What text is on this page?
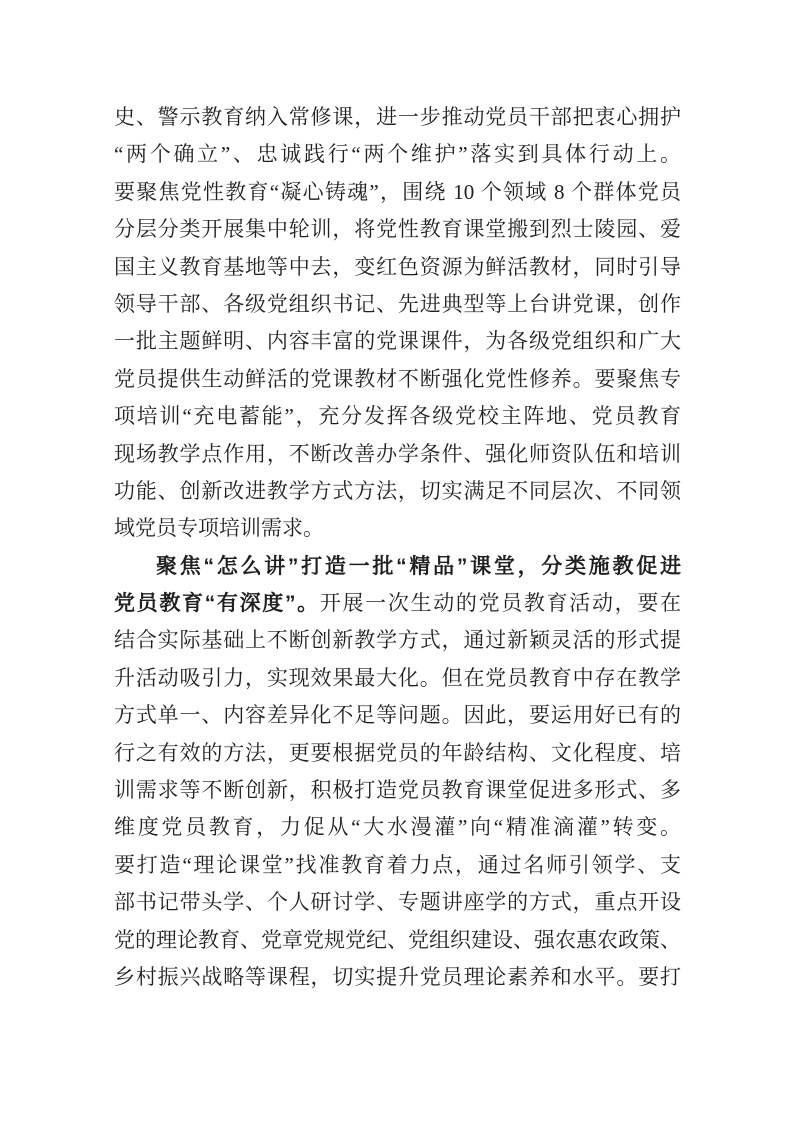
史、警示教育纳入常修课，进一步推动党员干部把衷心拥护
“两个确立”、忠诚践行“两个维护”落实到具体行动上。
要聚焦党性教育“凝心铸魂”，围绕 10 个领域 8 个群体党员
分层分类开展集中轮训，将党性教育课堂搬到烈士陵园、爱
国主义教育基地等中去，变红色资源为鲜活教材，同时引导
领导干部、各级党组织书记、先进典型等上台讲党课，创作
一批主题鲜明、内容丰富的党课课件，为各级党组织和广大
党员提供生动鲜活的党课教材不断强化党性修养。要聚焦专
项培训“充电蓄能”，充分发挥各级党校主阵地、党员教育
现场教学点作用，不断改善办学条件、强化师资队伍和培训
功能、创新改进教学方式方法，切实满足不同层次、不同领
域党员专项培训需求。
聚焦“怎么讲”打造一批“精品”课堂，分类施教促进
党员教育“有深度”。开展一次生动的党员教育活动，要在
结合实际基础上不断创新教学方式，通过新颖灵活的形式提
升活动吸引力，实现效果最大化。但在党员教育中存在教学
方式单一、内容差异化不足等问题。因此，要运用好已有的
行之有效的方法，更要根据党员的年龄结构、文化程度、培
训需求等不断创新，积极打造党员教育课堂促进多形式、多
维度党员教育，力促从“大水漫灌”向“精准滴灌”转变。
要打造“理论课堂”找准教育着力点，通过名师引领学、支
部书记带头学、个人研讨学、专题讲座学的方式，重点开设
党的理论教育、党章党规党纪、党组织建设、强农惠农政策、
乡村振兴战略等课程，切实提升党员理论素养和水平。要打
